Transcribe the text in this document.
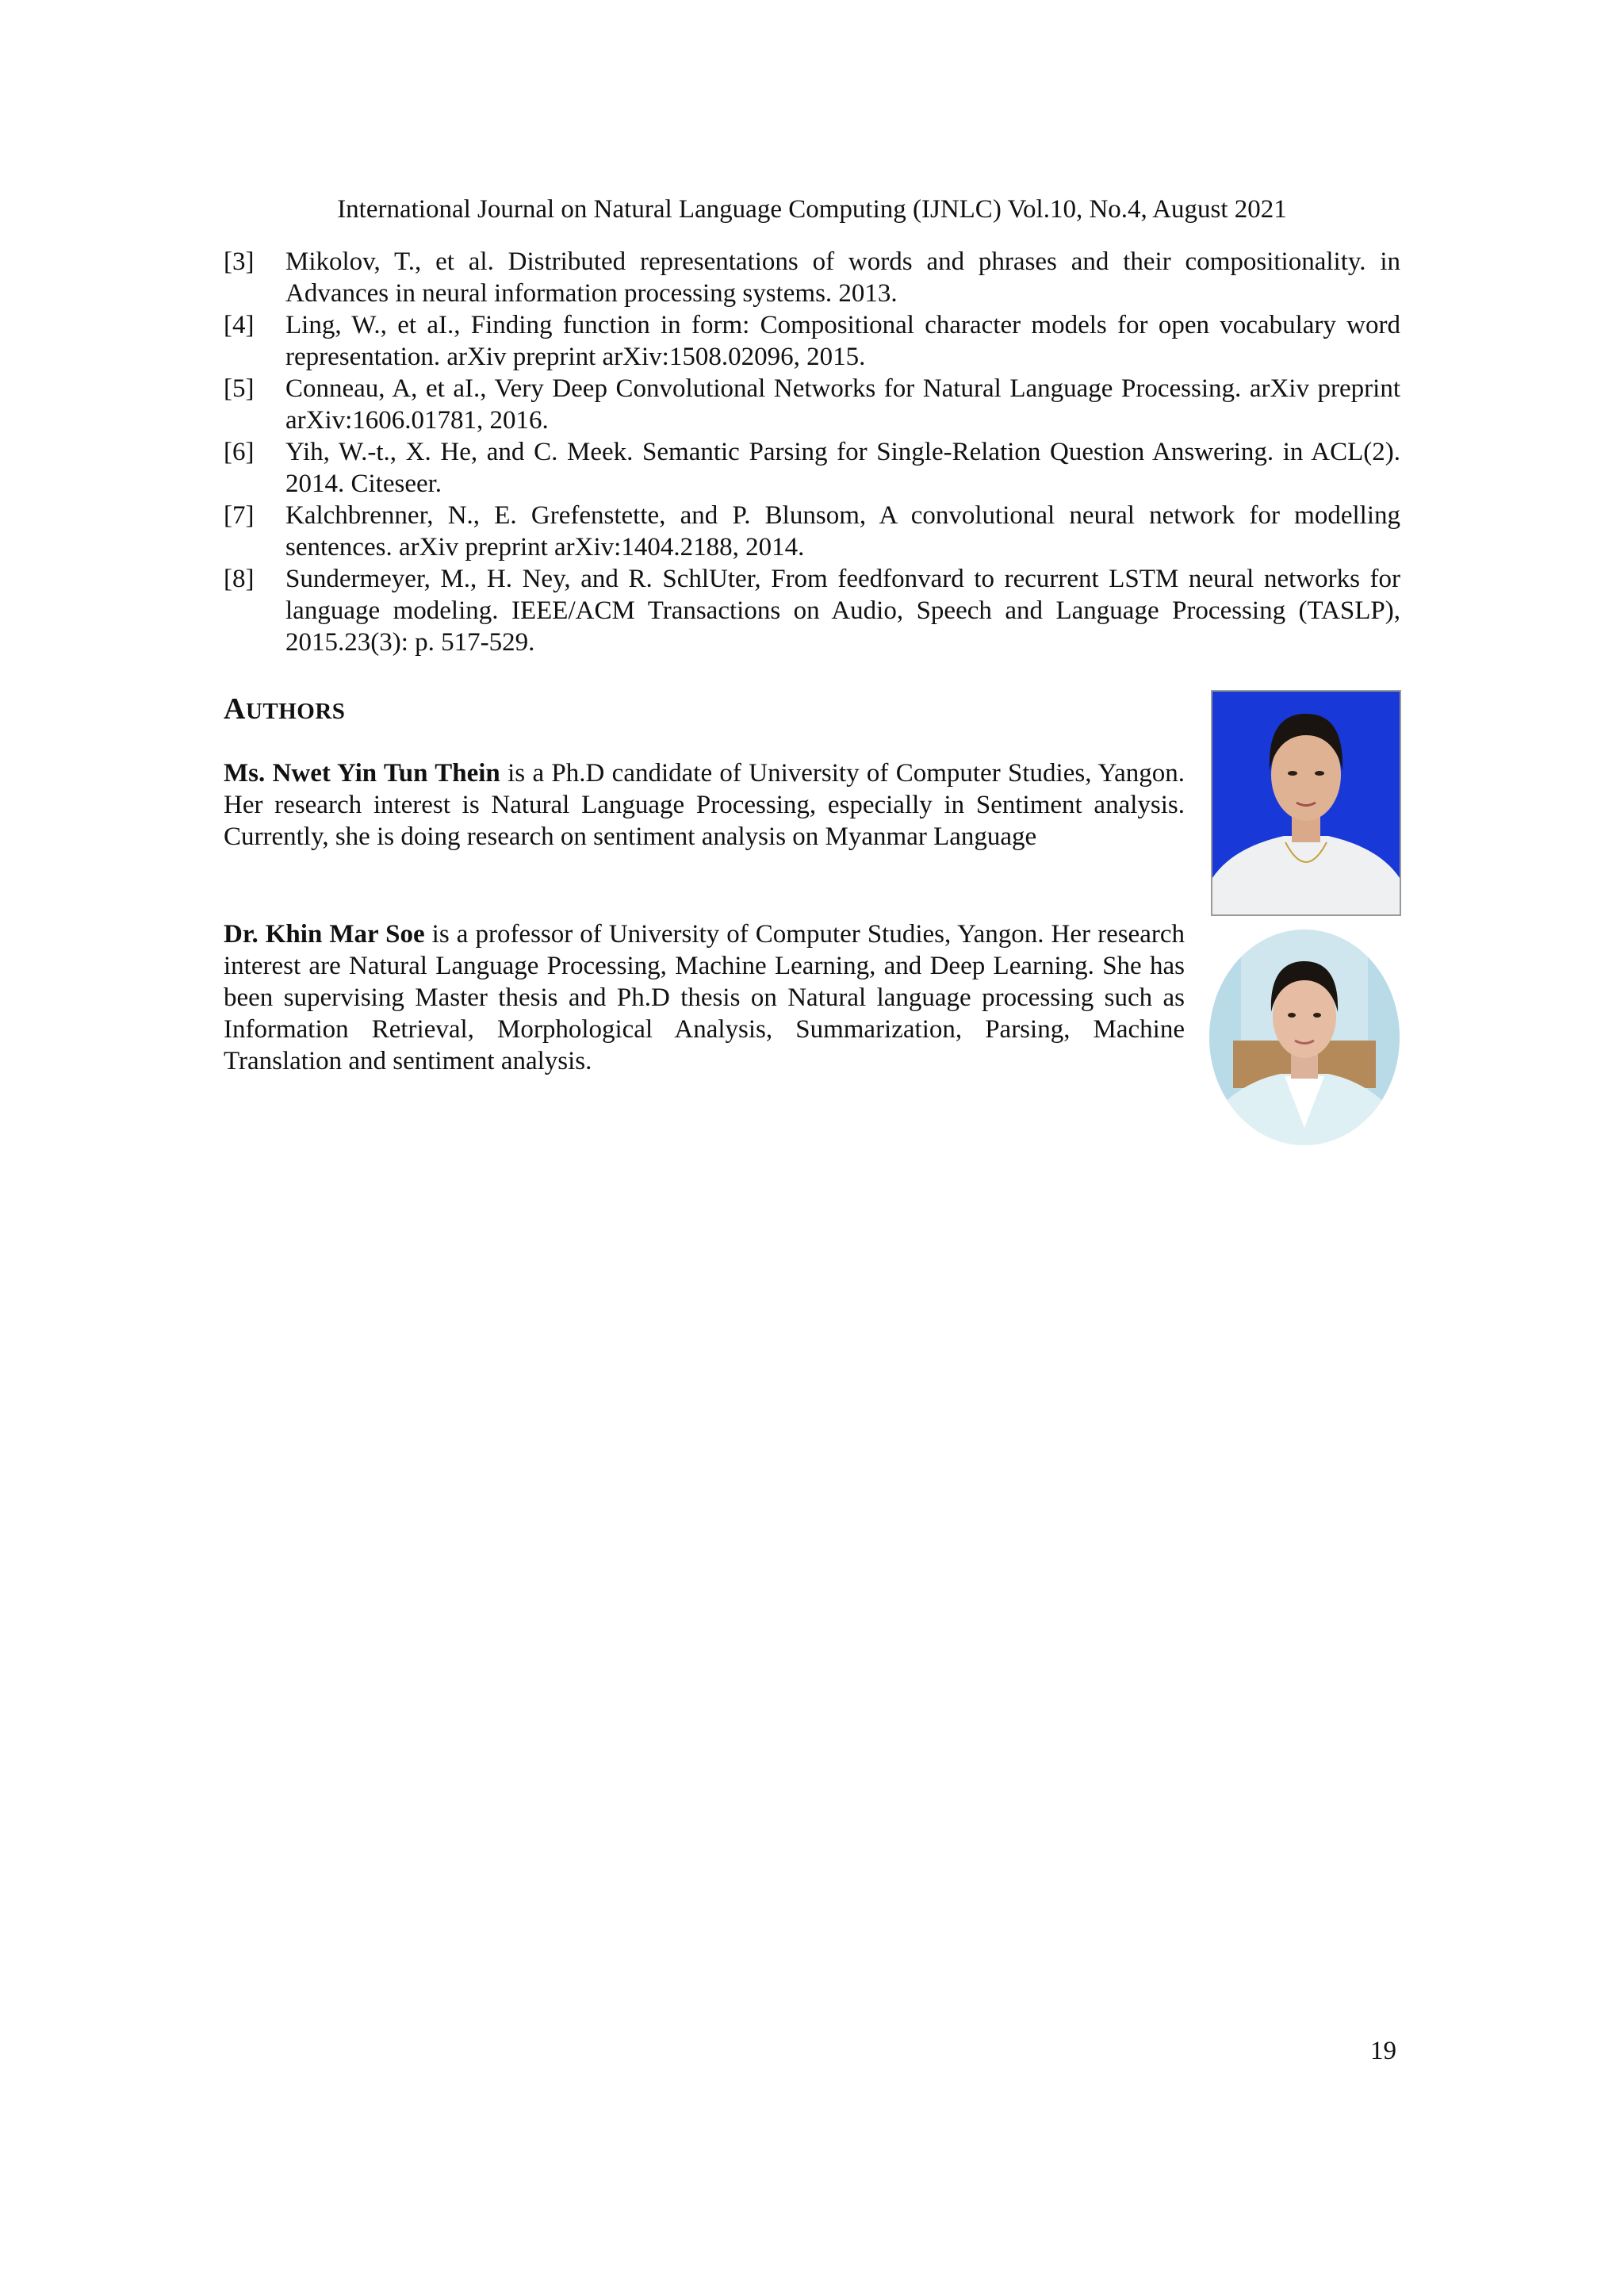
International Journal on Natural Language Computing (IJNLC) Vol.10, No.4, August 2021
[3]	Mikolov, T., et al. Distributed representations of words and phrases and their compositionality. in Advances in neural information processing systems. 2013.
[4]	Ling, W., et aI., Finding function in form: Compositional character models for open vocabulary word representation. arXiv preprint arXiv:1508.02096, 2015.
[5]	Conneau, A, et aI., Very Deep Convolutional Networks for Natural Language Processing. arXiv preprint arXiv:1606.01781, 2016.
[6]	Yih, W.-t., X. He, and C. Meek. Semantic Parsing for Single-Relation Question Answering. in ACL(2). 2014. Citeseer.
[7]	Kalchbrenner, N., E. Grefenstette, and P. Blunsom, A convolutional neural network for modelling sentences. arXiv preprint arXiv:1404.2188, 2014.
[8]	Sundermeyer, M., H. Ney, and R. SchlUter, From feedfonvard to recurrent LSTM neural networks for language modeling. IEEE/ACM Transactions on Audio, Speech and Language Processing (TASLP), 2015.23(3): p. 517-529.
AUTHORS
Ms. Nwet Yin Tun Thein is a Ph.D candidate of University of Computer Studies, Yangon. Her research interest is Natural Language Processing, especially in Sentiment analysis. Currently, she is doing research on sentiment analysis on Myanmar Language
Dr. Khin Mar Soe is a professor of University of Computer Studies, Yangon. Her research interest are Natural Language Processing, Machine Learning, and Deep Learning. She has been supervising Master thesis and Ph.D thesis on Natural language processing such as Information Retrieval, Morphological Analysis, Summarization, Parsing, Machine Translation and sentiment analysis.
19
